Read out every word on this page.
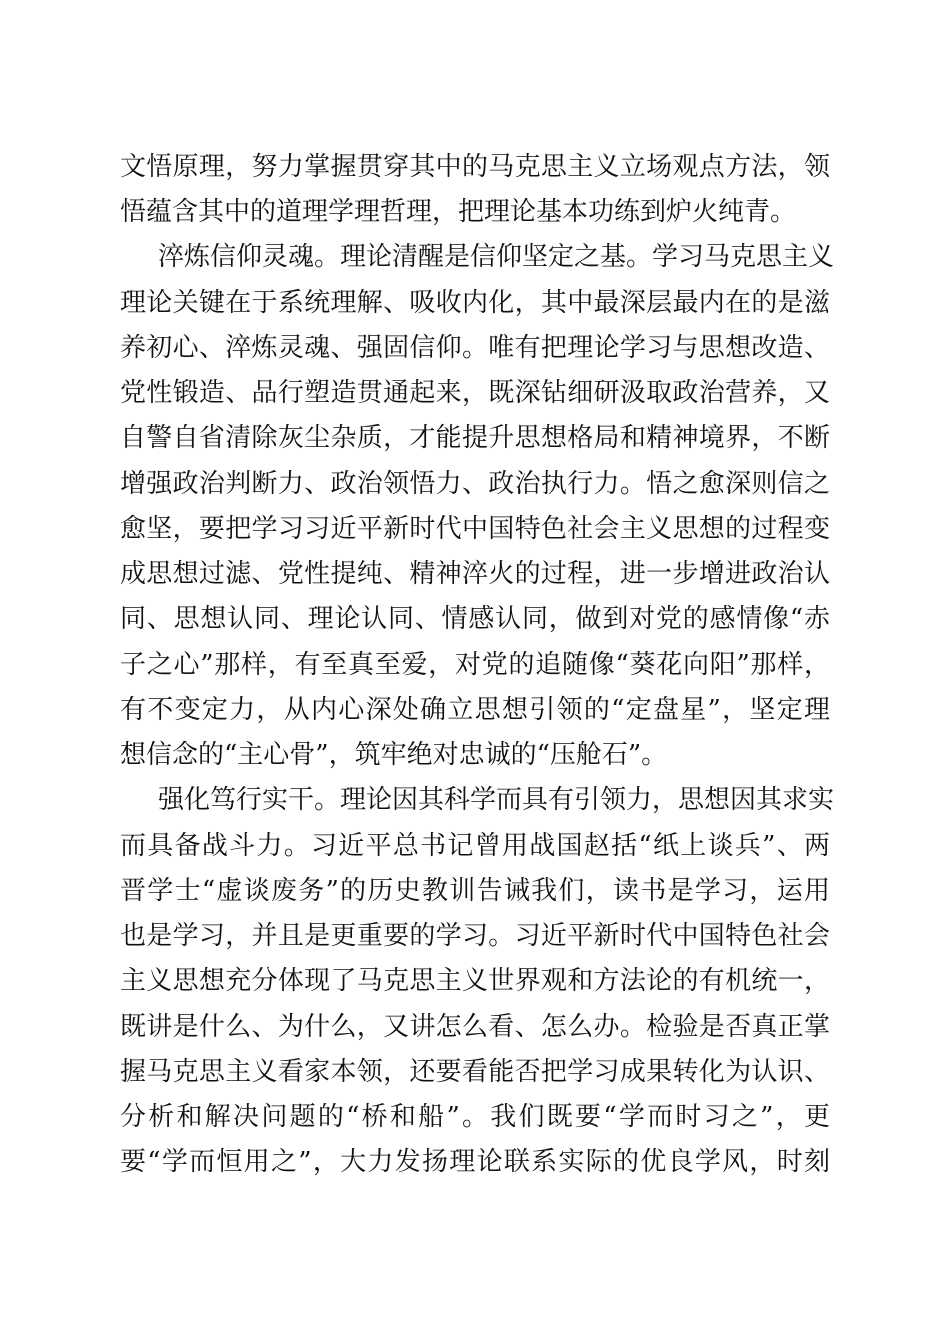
文悟原理，努力掌握贯穿其中的马克思主义立场观点方法，领
悟蕴含其中的道理学理哲理，把理论基本功练到炉火纯青。
淬炼信仰灵魂。理论清醒是信仰坚定之基。学习马克思主义
理论关键在于系统理解、吸收内化，其中最深层最内在的是滋
养初心、淬炼灵魂、强固信仰。唯有把理论学习与思想改造、
党性锻造、品行塑造贯通起来，既深钻细研汲取政治营养，又
自警自省清除灰尘杂质，才能提升思想格局和精神境界，不断
增强政治判断力、政治领悟力、政治执行力。悟之愈深则信之
愈坚，要把学习习近平新时代中国特色社会主义思想的过程变
成思想过滤、党性提纯、精神淬火的过程，进一步增进政治认
同、思想认同、理论认同、情感认同，做到对党的感情像“赤
子之心”那样，有至真至爱，对党的追随像“葵花向阳”那样，
有不变定力，从内心深处确立思想引领的“定盘星”，坚定理
想信念的“主心骨”，筑牢绝对忠诚的“压舱石”。
强化笃行实干。理论因其科学而具有引领力，思想因其求实
而具备战斗力。习近平总书记曾用战国赵括“纸上谈兵”、两
晋学士“虚谈废务”的历史教训告诫我们，读书是学习，运用
也是学习，并且是更重要的学习。习近平新时代中国特色社会
主义思想充分体现了马克思主义世界观和方法论的有机统一，
既讲是什么、为什么，又讲怎么看、怎么办。检验是否真正掌
握马克思主义看家本领，还要看能否把学习成果转化为认识、
分析和解决问题的“桥和船”。我们既要“学而时习之”，更
要“学而恒用之”，大力发扬理论联系实际的优良学风，时刻
